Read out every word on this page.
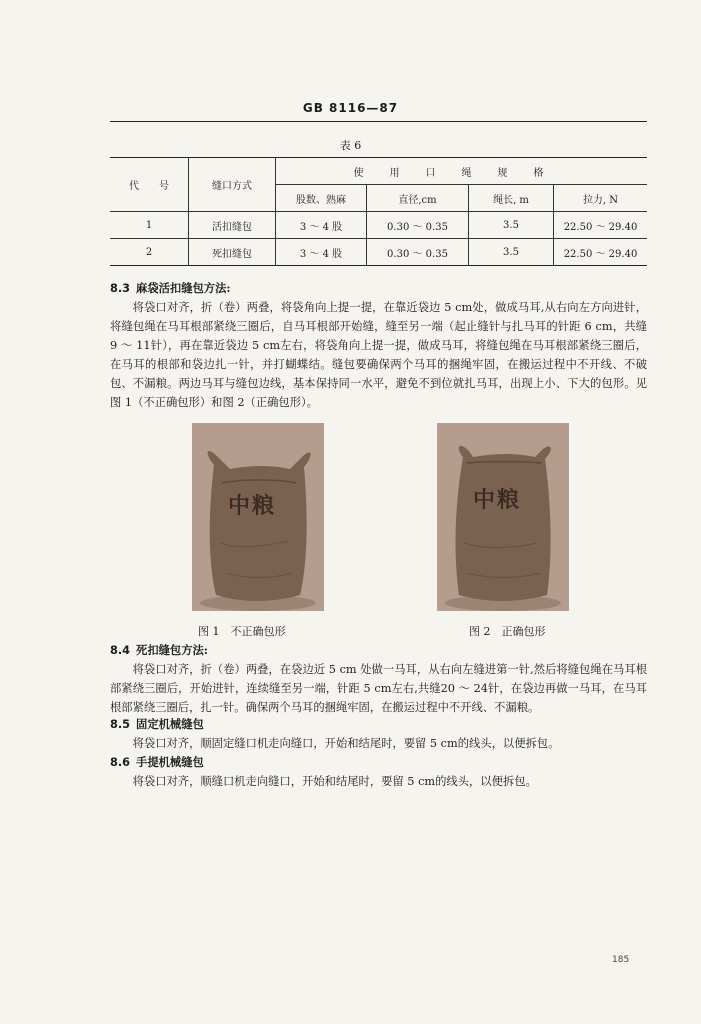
GB 8116—87
表 6
代　　号	缝口方式	使用口绳规格			
		股数、熟麻	直径,cm	绳长, m	拉力, N
1	活扣缝包	3 ～ 4 股	0.30 ～ 0.35	3.5	22.50 ～ 29.40
2	死扣缝包	3 ～ 4 股	0.30 ～ 0.35	3.5	22.50 ～ 29.40

8.3 麻袋活扣缝包方法:

将袋口对齐，折（卷）两叠，将袋角向上提一提，在靠近袋边 5 cm处，做成马耳,从右向左方向进针，将缝包绳在马耳根部紧绕三圈后，自马耳根部开始缝，缝至另一端（起止缝针与扎马耳的针距 6 cm，共缝 9 ～ 11针），再在靠近袋边 5 cm左右，将袋角向上提一提，做成马耳，将缝包绳在马耳根部紧绕三圈后，在马耳的根部和袋边扎一针，并打蝴蝶结。缝包要确保两个马耳的捆绳牢固，在搬运过程中不开线、不破包、不漏粮。两边马耳与缝包边线，基本保持同一水平，避免不到位就扎马耳，出现上小、下大的包形。见图 1（不正确包形）和图 2（正确包形）。

中粮	中粮
图 1　不正确包形	图 2　正确包形

8.4 死扣缝包方法:

将袋口对齐，折（卷）两叠，在袋边近 5 cm 处做一马耳，从右向左缝进第一针,然后将缝包绳在马耳根部紧绕三圈后，开始进针，连续缝至另一端，针距 5 cm左右,共缝20 ～ 24针，在袋边再做一马耳，在马耳根部紧绕三圈后，扎一针。确保两个马耳的捆绳牢固，在搬运过程中不开线、不漏粮。

8.5 固定机械缝包

将袋口对齐，顺固定缝口机走向缝口，开始和结尾时，要留 5 cm的线头，以便拆包。

8.6 手提机械缝包

将袋口对齐，顺缝口机走向缝口，开始和结尾时，要留 5 cm的线头，以便拆包。

185
